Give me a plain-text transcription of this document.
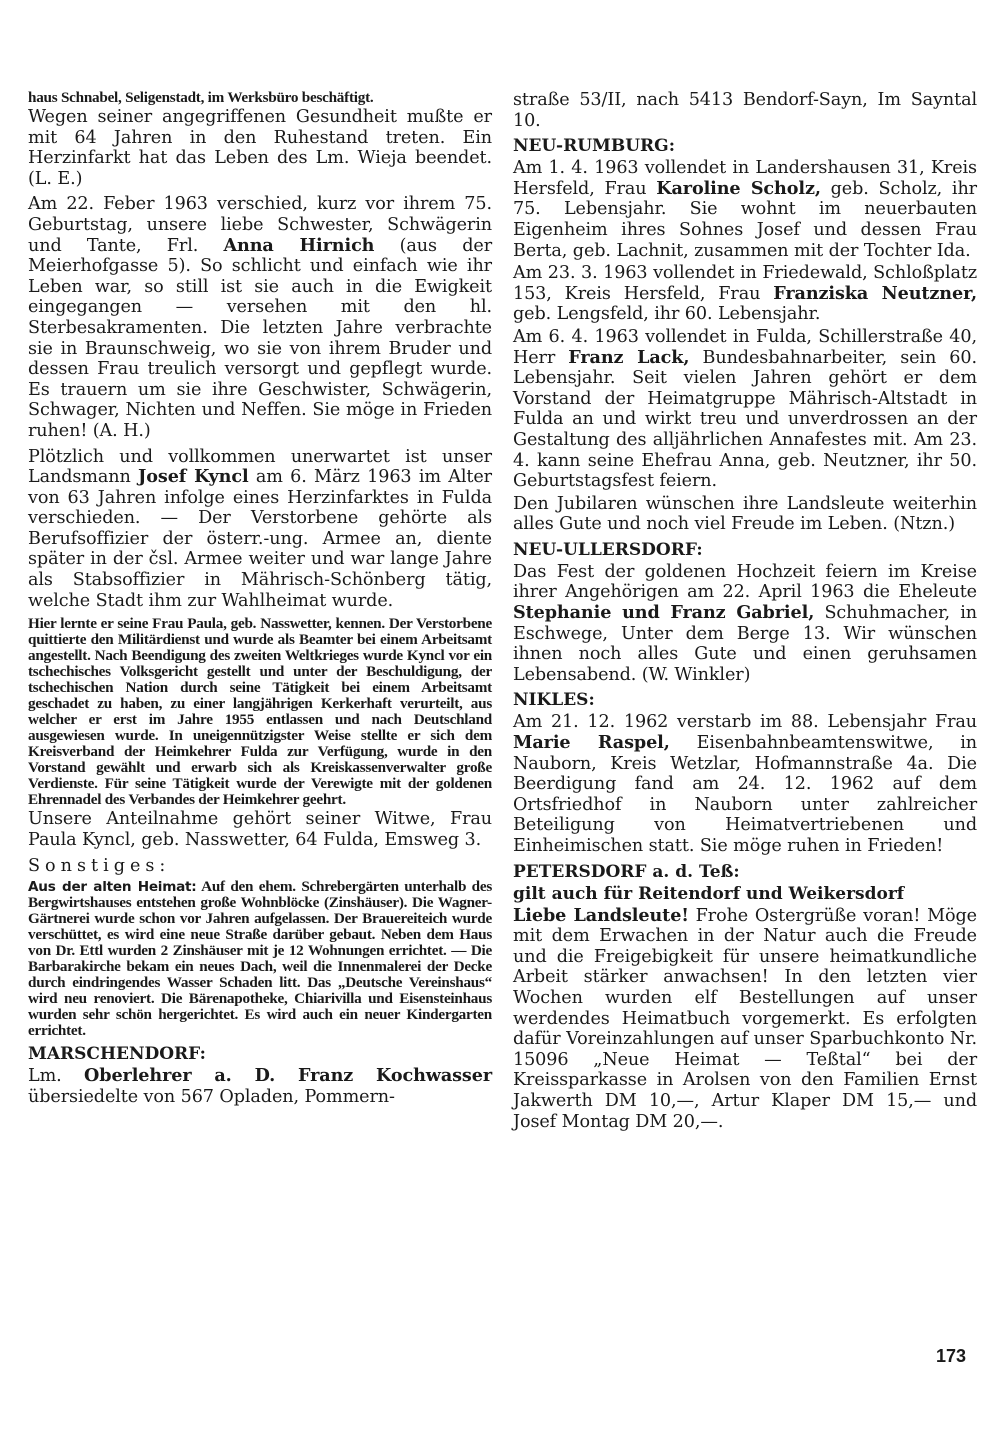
haus Schnabel, Seligenstadt, im Werksbüro beschäftigt.

Wegen seiner angegriffenen Gesundheit mußte er mit 64 Jahren in den Ruhestand treten. Ein Herzinfarkt hat das Leben des Lm. Wieja beendet. (L. E.)

Am 22. Feber 1963 verschied, kurz vor ihrem 75. Geburtstag, unsere liebe Schwester, Schwägerin und Tante, Frl. Anna Hirnich (aus der Meierhofgasse 5). So schlicht und einfach wie ihr Leben war, so still ist sie auch in die Ewigkeit eingegangen — versehen mit den hl. Sterbesakramenten. Die letzten Jahre verbrachte sie in Braunschweig, wo sie von ihrem Bruder und dessen Frau treulich versorgt und gepflegt wurde. Es trauern um sie ihre Geschwister, Schwägerin, Schwager, Nichten und Neffen. Sie möge in Frieden ruhen! (A. H.)

Plötzlich und vollkommen unerwartet ist unser Landsmann Josef Kyncl am 6. März 1963 im Alter von 63 Jahren infolge eines Herzinfarktes in Fulda verschieden. — Der Verstorbene gehörte als Berufsoffizier der österr.-ung. Armee an, diente später in der čsl. Armee weiter und war lange Jahre als Stabsoffizier in Mährisch-Schönberg tätig, welche Stadt ihm zur Wahlheimat wurde.

Hier lernte er seine Frau Paula, geb. Nasswetter, kennen. Der Verstorbene quittierte den Militärdienst und wurde als Beamter bei einem Arbeitsamt angestellt. Nach Beendigung des zweiten Weltkrieges wurde Kyncl vor ein tschechisches Volksgericht gestellt und unter der Beschuldigung, der tschechischen Nation durch seine Tätigkeit bei einem Arbeitsamt geschadet zu haben, zu einer langjährigen Kerkerhaft verurteilt, aus welcher er erst im Jahre 1955 entlassen und nach Deutschland ausgewiesen wurde. In uneigennützigster Weise stellte er sich dem Kreisverband der Heimkehrer Fulda zur Verfügung, wurde in den Vorstand gewählt und erwarb sich als Kreiskassenverwalter große Verdienste. Für seine Tätigkeit wurde der Verewigte mit der goldenen Ehrennadel des Verbandes der Heimkehrer geehrt.

Unsere Anteilnahme gehört seiner Witwe, Frau Paula Kyncl, geb. Nasswetter, 64 Fulda, Emsweg 3.

Sonstiges:

Aus der alten Heimat: Auf den ehem. Schrebergärten unterhalb des Bergwirtshauses entstehen große Wohnblöcke (Zinshäuser). Die Wagner-Gärtnerei wurde schon vor Jahren aufgelassen. Der Brauereiteich wurde verschüttet, es wird eine neue Straße darüber gebaut. Neben dem Haus von Dr. Ettl wurden 2 Zinshäuser mit je 12 Wohnungen errichtet. — Die Barbarakirche bekam ein neues Dach, weil die Innenmalerei der Decke durch eindringendes Wasser Schaden litt. Das „Deutsche Vereinshaus“ wird neu renoviert. Die Bärenapotheke, Chiarivilla und Eisensteinhaus wurden sehr schön hergerichtet. Es wird auch ein neuer Kindergarten errichtet.

MARSCHENDORF:

Lm. Oberlehrer a. D. Franz Kochwasser übersiedelte von 567 Opladen, Pommern-

straße 53/II, nach 5413 Bendorf-Sayn, Im Sayntal 10.

NEU-RUMBURG:

Am 1. 4. 1963 vollendet in Landershausen 31, Kreis Hersfeld, Frau Karoline Scholz, geb. Scholz, ihr 75. Lebensjahr. Sie wohnt im neuerbauten Eigenheim ihres Sohnes Josef und dessen Frau Berta, geb. Lachnit, zusammen mit der Tochter Ida.

Am 23. 3. 1963 vollendet in Friedewald, Schloßplatz 153, Kreis Hersfeld, Frau Franziska Neutzner, geb. Lengsfeld, ihr 60. Lebensjahr.

Am 6. 4. 1963 vollendet in Fulda, Schillerstraße 40, Herr Franz Lack, Bundesbahnarbeiter, sein 60. Lebensjahr. Seit vielen Jahren gehört er dem Vorstand der Heimatgruppe Mährisch-Altstadt in Fulda an und wirkt treu und unverdrossen an der Gestaltung des alljährlichen Annafestes mit. Am 23. 4. kann seine Ehefrau Anna, geb. Neutzner, ihr 50. Geburtstagsfest feiern.

Den Jubilaren wünschen ihre Landsleute weiterhin alles Gute und noch viel Freude im Leben. (Ntzn.)

NEU-ULLERSDORF:

Das Fest der goldenen Hochzeit feiern im Kreise ihrer Angehörigen am 22. April 1963 die Eheleute Stephanie und Franz Gabriel, Schuhmacher, in Eschwege, Unter dem Berge 13. Wir wünschen ihnen noch alles Gute und einen geruhsamen Lebensabend. (W. Winkler)

NIKLES:

Am 21. 12. 1962 verstarb im 88. Lebensjahr Frau Marie Raspel, Eisenbahnbeamtenswitwe, in Nauborn, Kreis Wetzlar, Hofmannstraße 4a. Die Beerdigung fand am 24. 12. 1962 auf dem Ortsfriedhof in Nauborn unter zahlreicher Beteiligung von Heimatvertriebenen und Einheimischen statt. Sie möge ruhen in Frieden!

PETERSDORF a. d. Teß:
gilt auch für Reitendorf und Weikersdorf

Liebe Landsleute! Frohe Ostergrüße voran! Möge mit dem Erwachen in der Natur auch die Freude und die Freigebigkeit für unsere heimatkundliche Arbeit stärker anwachsen! In den letzten vier Wochen wurden elf Bestellungen auf unser werdendes Heimatbuch vorgemerkt. Es erfolgten dafür Voreinzahlungen auf unser Sparbuchkonto Nr. 15096 „Neue Heimat — Teßtal“ bei der Kreissparkasse in Arolsen von den Familien Ernst Jakwerth DM 10,—, Artur Klaper DM 15,— und Josef Montag DM 20,—.

173
